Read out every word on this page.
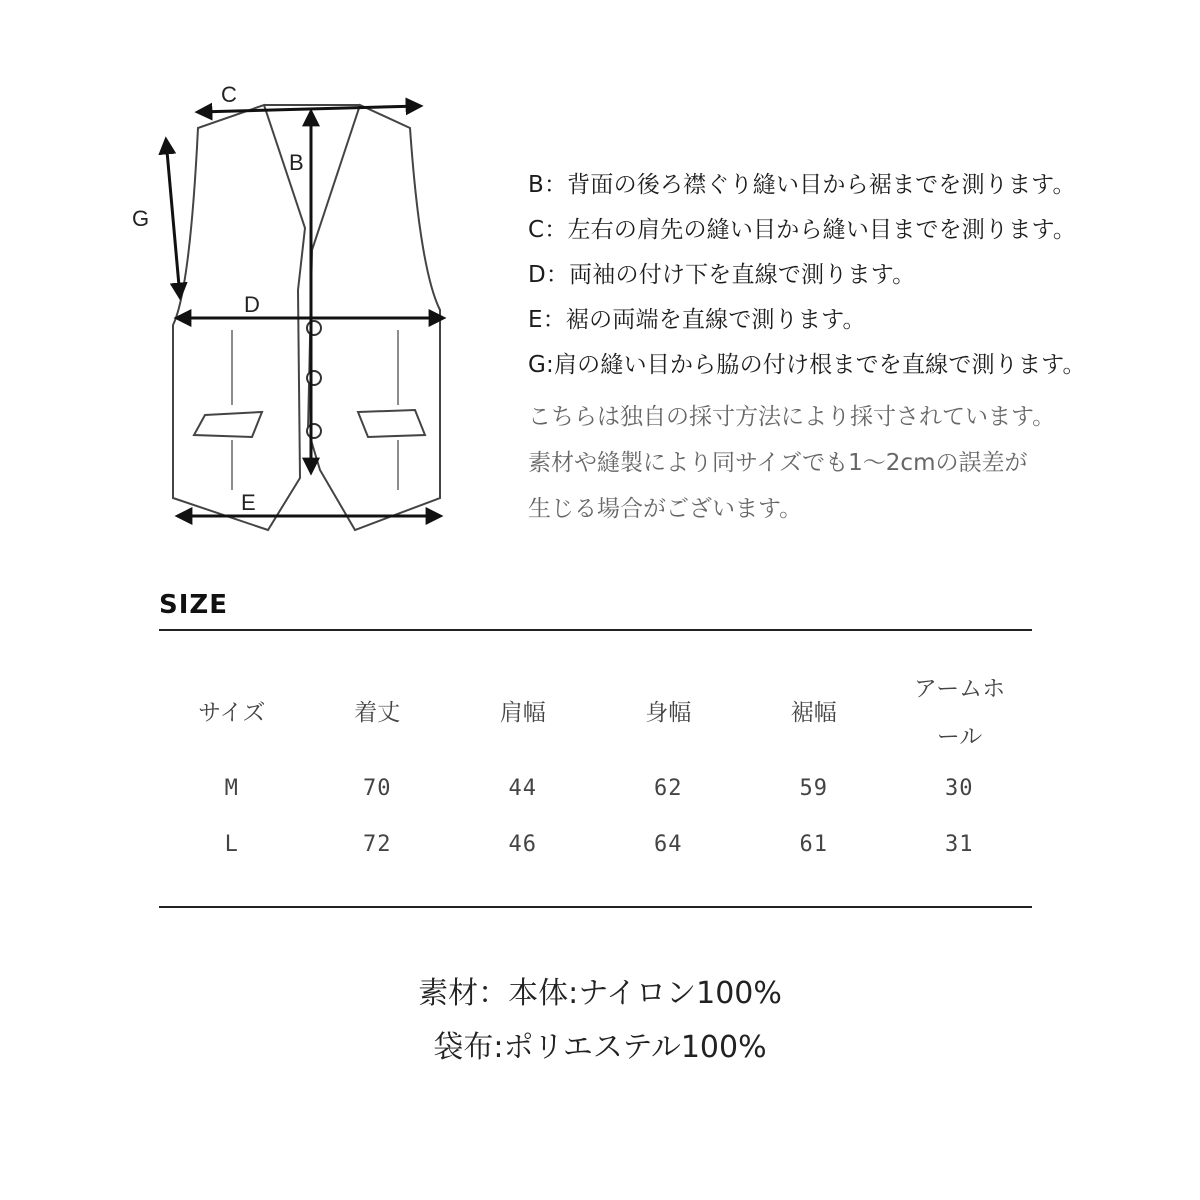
B
C
D
E
G
B：背面の後ろ襟ぐり縫い目から裾までを測ります。
C：左右の肩先の縫い目から縫い目までを測ります。
D：両袖の付け下を直線で測ります。
E：裾の両端を直線で測ります。
G:肩の縫い目から脇の付け根までを直線で測ります。
こちらは独自の採寸方法により採寸されています。
素材や縫製により同サイズでも1〜2cmの誤差が
生じる場合がございます。
SIZE
サイズ	着丈	肩幅	身幅	裾幅
アームホール
M	70	44	62	59	30
L	72	46	64	61	31
素材：本体:ナイロン100%
袋布:ポリエステル100%
